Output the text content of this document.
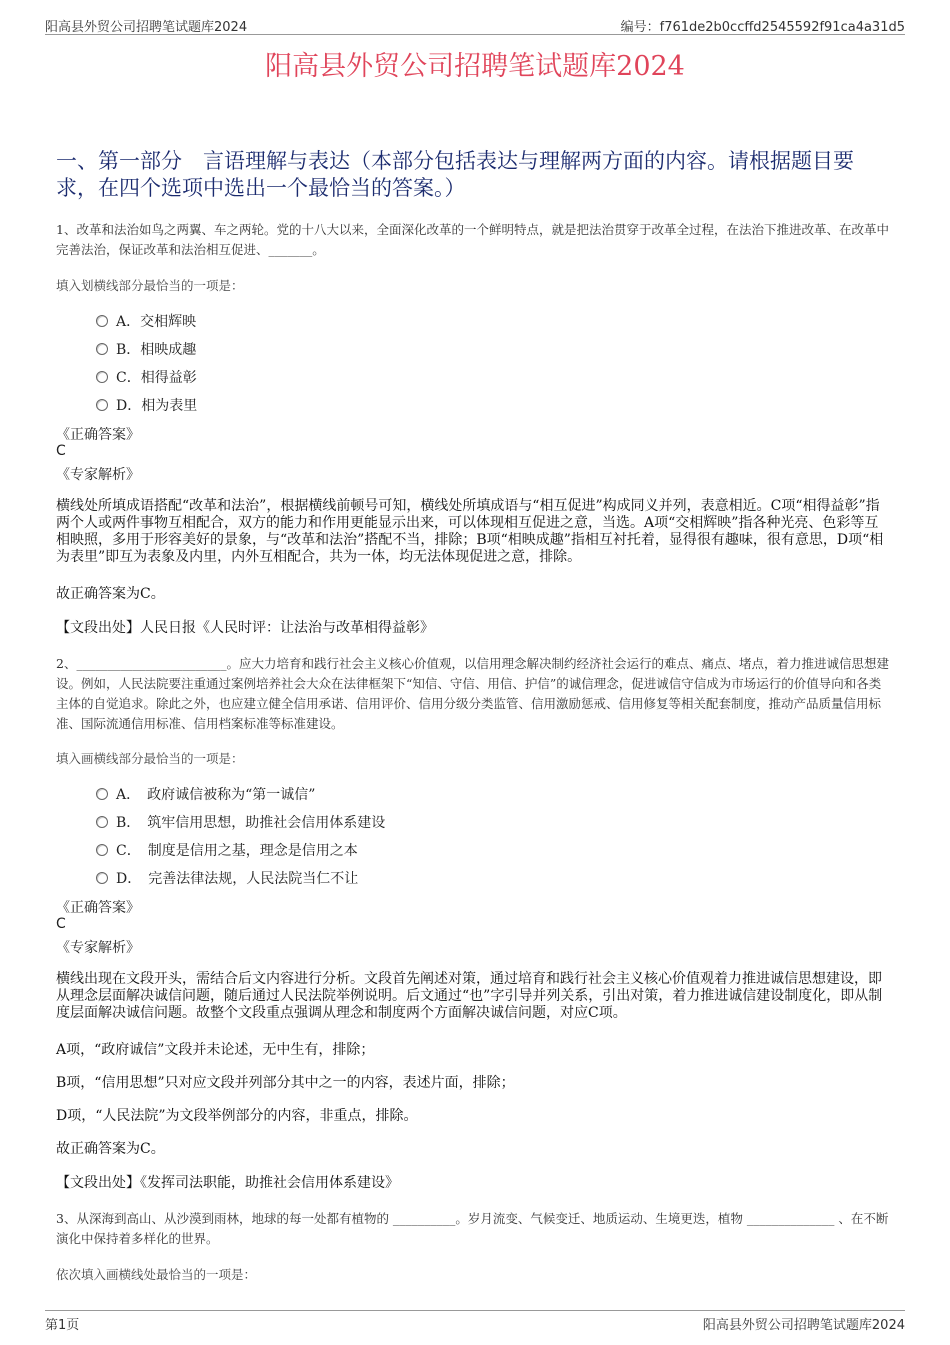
阳高县外贸公司招聘笔试题库2024	编号：f761de2b0ccffd2545592f91ca4a31d5
阳高县外贸公司招聘笔试题库2024
一、第一部分　言语理解与表达（本部分包括表达与理解两方面的内容。请根据题目要求，在四个选项中选出一个最恰当的答案。）
1、改革和法治如鸟之两翼、车之两轮。党的十八大以来，全面深化改革的一个鲜明特点，就是把法治贯穿于改革全过程，在法治下推进改革、在改革中完善法治，保证改革和法治相互促进、_______。
填入划横线部分最恰当的一项是：
A．交相辉映
B．相映成趣
C．相得益彰
D．相为表里
《正确答案》
C
《专家解析》
横线处所填成语搭配“改革和法治”，根据横线前顿号可知，横线处所填成语与“相互促进”构成同义并列，表意相近。C项“相得益彰”指两个人或两件事物互相配合，双方的能力和作用更能显示出来，可以体现相互促进之意，当选。A项“交相辉映”指各种光亮、色彩等互相映照，多用于形容美好的景象，与“改革和法治”搭配不当，排除；B项“相映成趣”指相互衬托着，显得很有趣味，很有意思，D项“相为表里”即互为表象及内里，内外互相配合，共为一体，均无法体现促进之意，排除。
故正确答案为C。
【文段出处】人民日报《人民时评：让法治与改革相得益彰》
2、________________________。应大力培育和践行社会主义核心价值观，以信用理念解决制约经济社会运行的难点、痛点、堵点，着力推进诚信思想建设。例如，人民法院要注重通过案例培养社会大众在法律框架下“知信、守信、用信、护信”的诚信理念，促进诚信守信成为市场运行的价值导向和各类主体的自觉追求。除此之外，也应建立健全信用承诺、信用评价、信用分级分类监管、信用激励惩戒、信用修复等相关配套制度，推动产品质量信用标准、国际流通信用标准、信用档案标准等标准建设。
填入画横线部分最恰当的一项是：
A．　政府诚信被称为“第一诚信”
B．　筑牢信用思想，助推社会信用体系建设
C．　制度是信用之基，理念是信用之本
D．　完善法律法规，人民法院当仁不让
《正确答案》
C
《专家解析》
横线出现在文段开头，需结合后文内容进行分析。文段首先阐述对策，通过培育和践行社会主义核心价值观着力推进诚信思想建设，即从理念层面解决诚信问题，随后通过人民法院举例说明。后文通过“也”字引导并列关系，引出对策，着力推进诚信建设制度化，即从制度层面解决诚信问题。故整个文段重点强调从理念和制度两个方面解决诚信问题，对应C项。
A项，“政府诚信”文段并未论述，无中生有，排除；
B项，“信用思想”只对应文段并列部分其中之一的内容，表述片面，排除；
D项，“人民法院”为文段举例部分的内容，非重点，排除。
故正确答案为C。
【文段出处】《发挥司法职能，助推社会信用体系建设》
3、从深海到高山、从沙漠到雨林，地球的每一处都有植物的 __________。岁月流变、气候变迁、地质运动、生境更迭，植物 ______________ 、在不断演化中保持着多样化的世界。
依次填入画横线处最恰当的一项是：
第1页	阳高县外贸公司招聘笔试题库2024
